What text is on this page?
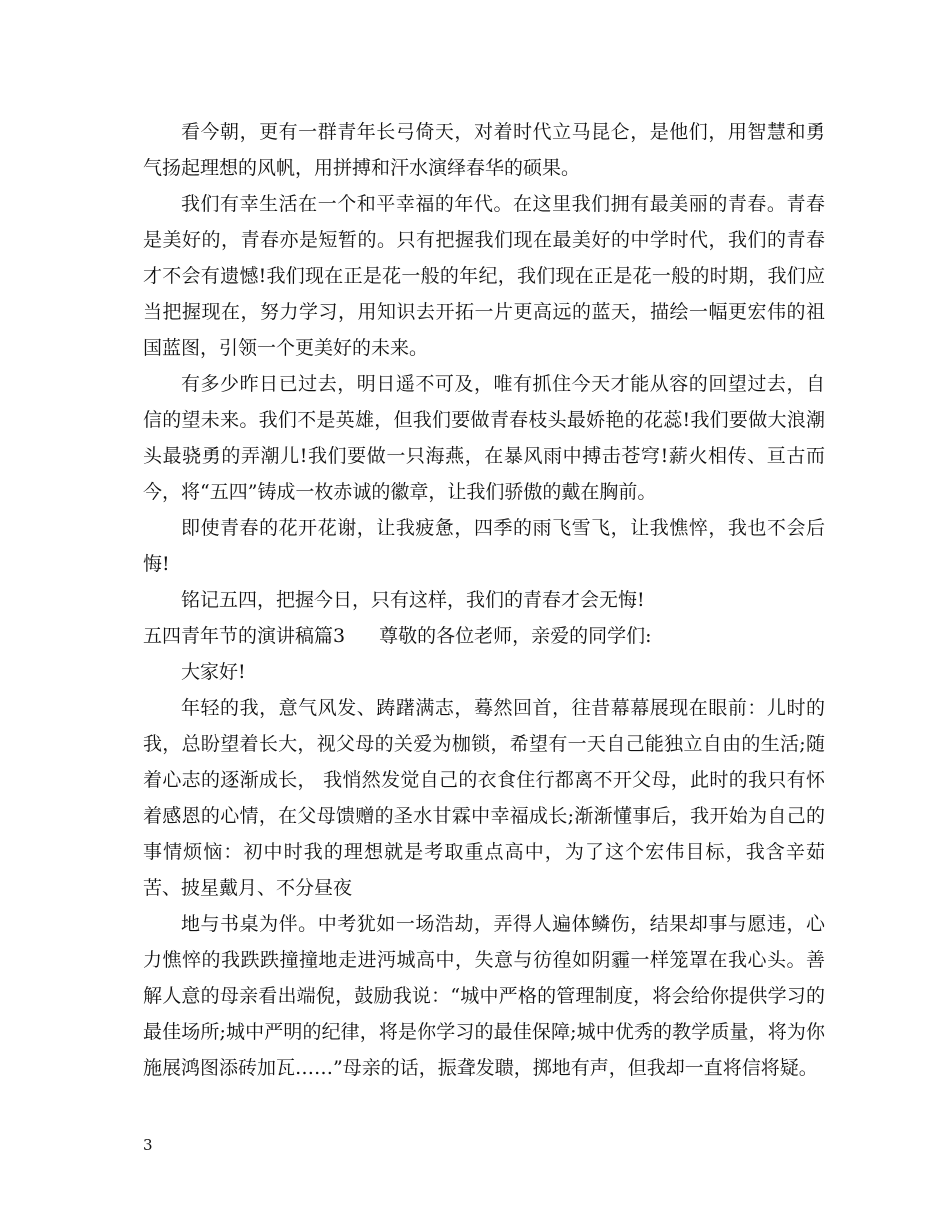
看今朝，更有一群青年长弓倚天，对着时代立马昆仑，是他们，用智慧和勇气扬起理想的风帆，用拼搏和汗水演绎春华的硕果。

我们有幸生活在一个和平幸福的年代。在这里我们拥有最美丽的青春。青春是美好的，青春亦是短暂的。只有把握我们现在最美好的中学时代，我们的青春才不会有遗憾!我们现在正是花一般的年纪，我们现在正是花一般的时期，我们应当把握现在，努力学习，用知识去开拓一片更高远的蓝天，描绘一幅更宏伟的祖国蓝图，引领一个更美好的未来。

有多少昨日已过去，明日遥不可及，唯有抓住今天才能从容的回望过去，自信的望未来。我们不是英雄，但我们要做青春枝头最娇艳的花蕊!我们要做大浪潮头最骁勇的弄潮儿!我们要做一只海燕，在暴风雨中搏击苍穹!薪火相传、亘古而今，将“五四”铸成一枚赤诚的徽章，让我们骄傲的戴在胸前。

即使青春的花开花谢，让我疲惫，四季的雨飞雪飞，让我憔悴，我也不会后悔!

铭记五四，把握今日，只有这样，我们的青春才会无悔!

五四青年节的演讲稿篇3 尊敬的各位老师，亲爱的同学们:

大家好!

年轻的我，意气风发、踌躇满志，蓦然回首，往昔幕幕展现在眼前：儿时的我，总盼望着长大，视父母的关爱为枷锁，希望有一天自己能独立自由的生活;随着心志的逐渐成长， 我悄然发觉自己的衣食住行都离不开父母，此时的我只有怀着感恩的心情，在父母馈赠的圣水甘霖中幸福成长;渐渐懂事后，我开始为自己的事情烦恼：初中时我的理想就是考取重点高中，为了这个宏伟目标，我含辛茹苦、披星戴月、不分昼夜

地与书桌为伴。中考犹如一场浩劫，弄得人遍体鳞伤，结果却事与愿违，心力憔悴的我跌跌撞撞地走进沔城高中，失意与彷徨如阴霾一样笼罩在我心头。善解人意的母亲看出端倪，鼓励我说：“城中严格的管理制度，将会给你提供学习的最佳场所;城中严明的纪律，将是你学习的最佳保障;城中优秀的教学质量，将为你施展鸿图添砖加瓦……”母亲的话，振聋发聩，掷地有声，但我却一直将信将疑。

3
